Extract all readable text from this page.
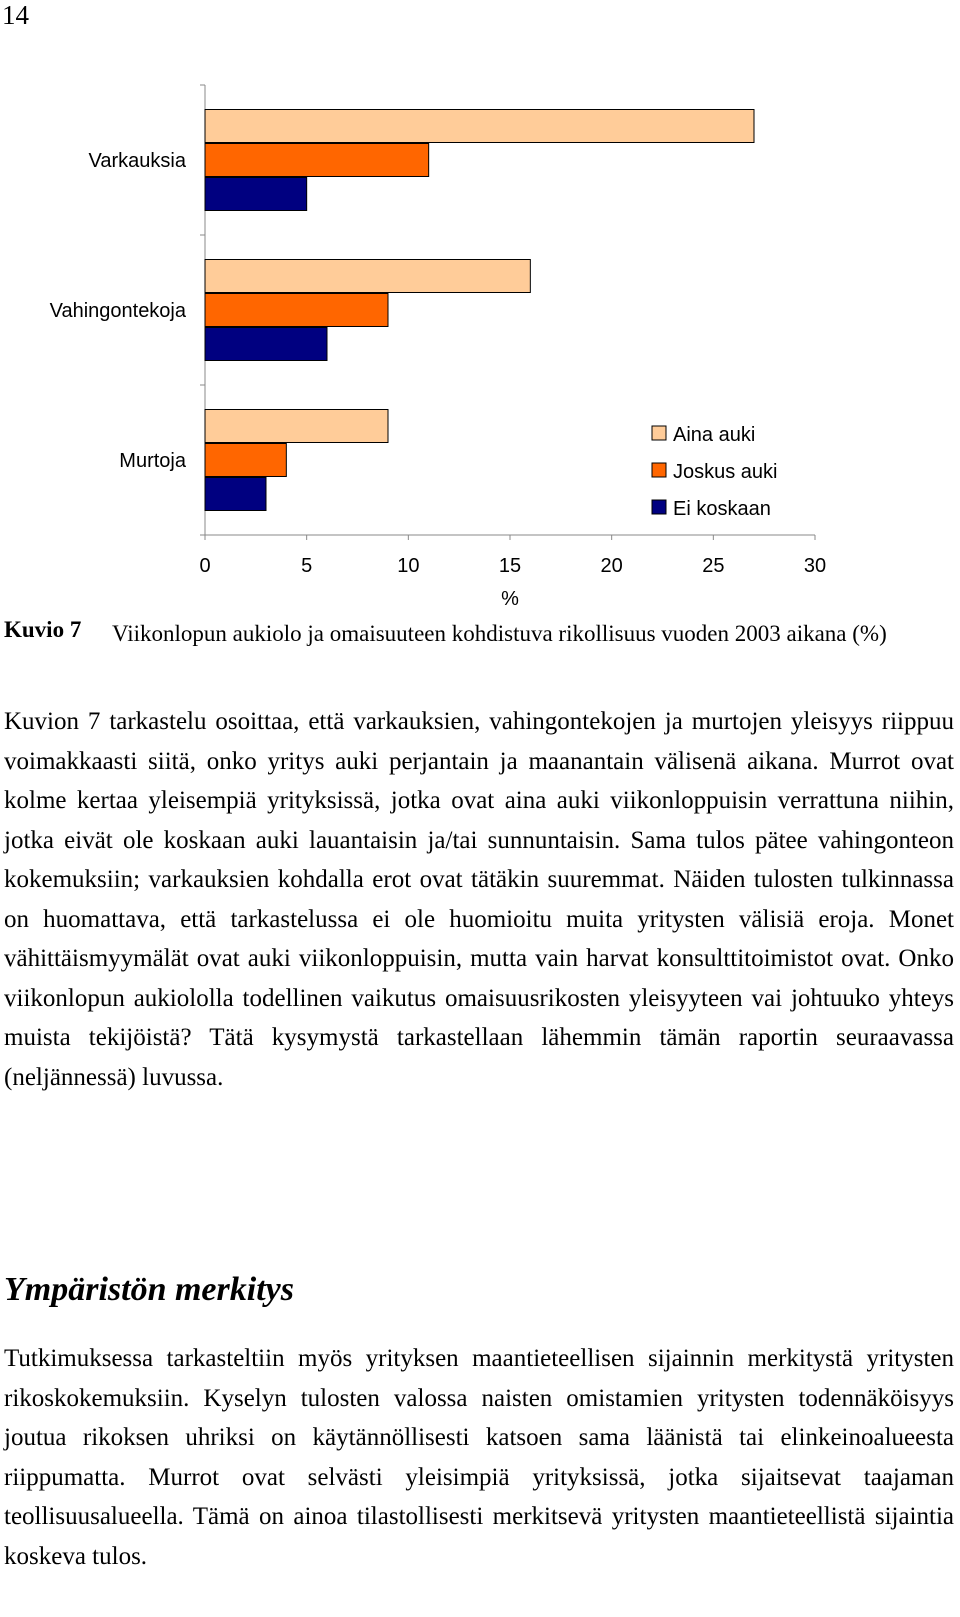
14
0	5	10	15	20	25	30
%
Varkauksia
Vahingontekoja
Murtoja
Aina auki
Joskus auki
Ei koskaan
Kuvio 7 Viikonlopun aukiolo ja omaisuuteen kohdistuva rikollisuus vuoden 2003 aikana (%)

Kuvion 7 tarkastelu osoittaa, että varkauksien, vahingontekojen ja murtojen yleisyys riippuu voimakkaasti siitä, onko yritys auki perjantain ja maanantain välisenä aikana. Murrot ovat kolme kertaa yleisempiä yrityksissä, jotka ovat aina auki viikonloppuisin verrattuna niihin, jotka eivät ole koskaan auki lauantaisin ja/tai sunnuntaisin. Sama tulos pätee vahingonteon kokemuksiin; varkauksien kohdalla erot ovat tätäkin suuremmat. Näiden tulosten tulkinnassa on huomattava, että tarkastelussa ei ole huomioitu muita yritysten välisiä eroja. Monet vähittäismyymälät ovat auki viikonloppuisin, mutta vain harvat konsulttitoimistot ovat. Onko viikonlopun aukiololla todellinen vaikutus omaisuusrikosten yleisyyteen vai johtuuko yhteys muista tekijöistä? Tätä kysymystä tarkastellaan lähemmin tämän raportin seuraavassa (neljännessä) luvussa.

Ympäristön merkitys

Tutkimuksessa tarkasteltiin myös yrityksen maantieteellisen sijainnin merkitystä yritysten rikoskokemuksiin. Kyselyn tulosten valossa naisten omistamien yritysten todennäköisyys joutua rikoksen uhriksi on käytännöllisesti katsoen sama läänistä tai elinkeinoalueesta riippumatta. Murrot ovat selvästi yleisimpiä yrityksissä, jotka sijaitsevat taajaman teollisuusalueella. Tämä on ainoa tilastollisesti merkitsevä yritysten maantieteellistä sijaintia koskeva tulos.
